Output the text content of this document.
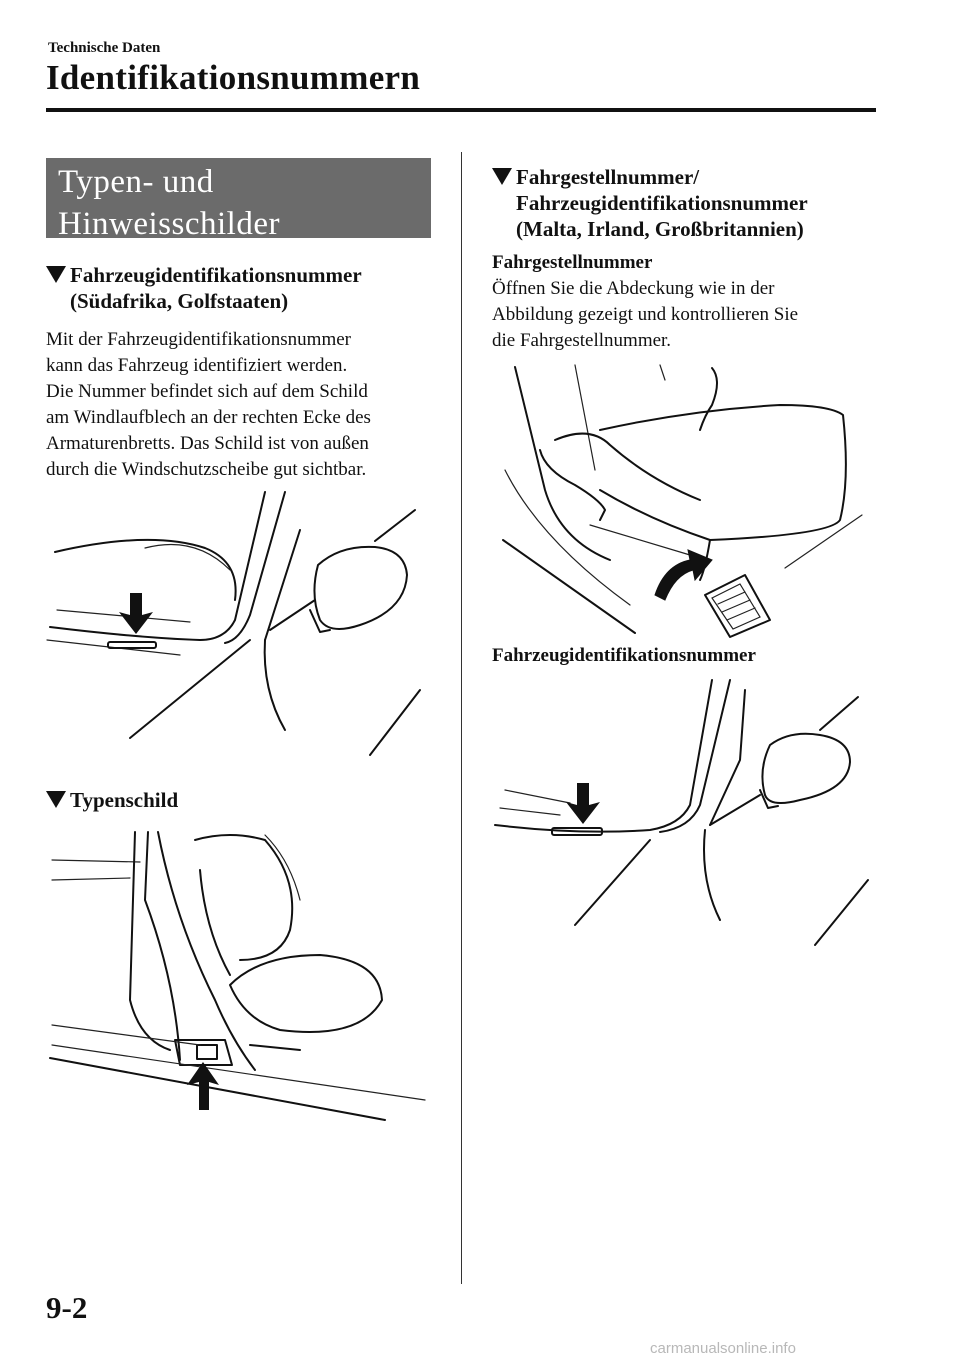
Technische Daten
Identifikationsnummern
Typen- und
Hinweisschilder
Fahrzeugidentifikationsnummer
(Südafrika, Golfstaaten)
Mit der Fahrzeugidentifikationsnummer
kann das Fahrzeug identifiziert werden.
Die Nummer befindet sich auf dem Schild
am Windlaufblech an der rechten Ecke des
Armaturenbretts. Das Schild ist von außen
durch die Windschutzscheibe gut sichtbar.
Typenschild
Fahrgestellnummer/
Fahrzeugidentifikationsnummer
(Malta, Irland, Großbritannien)
Fahrgestellnummer
Öffnen Sie die Abdeckung wie in der
Abbildung gezeigt und kontrollieren Sie
die Fahrgestellnummer.
Fahrzeugidentifikationsnummer
9-2
carmanualsonline.info
